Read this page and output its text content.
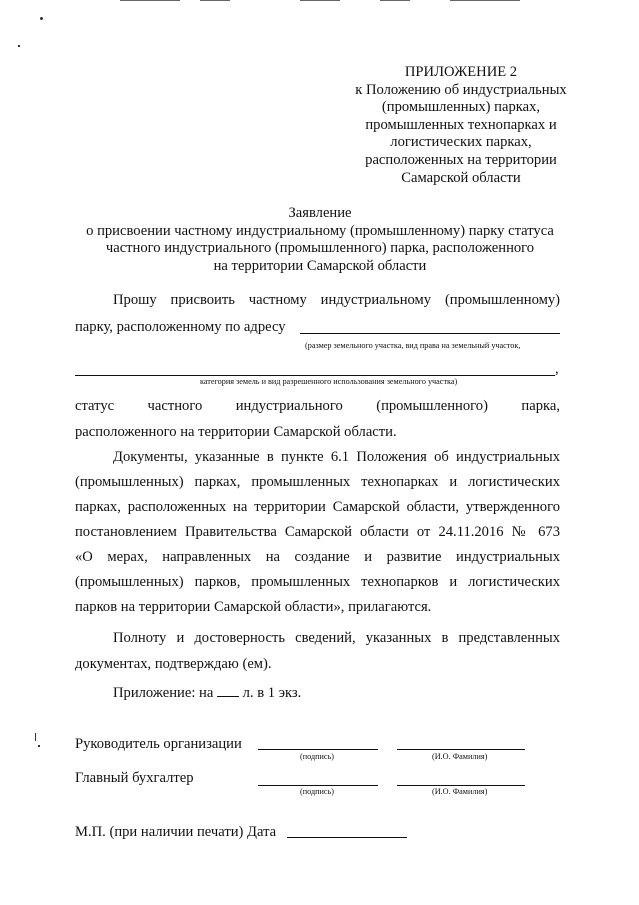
ПРИЛОЖЕНИЕ 2
к Положению об индустриальных
(промышленных) парках,
промышленных технопарках и
логистических парках,
расположенных на территории
Самарской области
Заявление
о присвоении частному индустриальному (промышленному) парку статуса
частного индустриального (промышленного) парка, расположенного
на территории Самарской области
Прошу присвоить частному индустриальному (промышленному)
парку, расположенному по адресу
(размер земельного участка, вид права на земельный участок,
,
категория земель и вид разрешенного использования земельного участка)
статус частного индустриального (промышленного) парка,
расположенного на территории Самарской области.
Документы, указанные в пункте 6.1 Положения об индустриальных
(промышленных) парках, промышленных технопарках и логистических
парках, расположенных на территории Самарской области, утвержденного
постановлением Правительства Самарской области от 24.11.2016 № 673
«О мерах, направленных на создание и развитие индустриальных
(промышленных) парков, промышленных технопарков и логистических
парков на территории Самарской области», прилагаются.
Полноту и достоверность сведений, указанных в представленных
документах, подтверждаю (ем).
Приложение: на л. в 1 экз.
Руководитель организации
(подпись)	(И.О. Фамилия)
Главный бухгалтер
(подпись)	(И.О. Фамилия)
М.П. (при наличии печати) Дата
